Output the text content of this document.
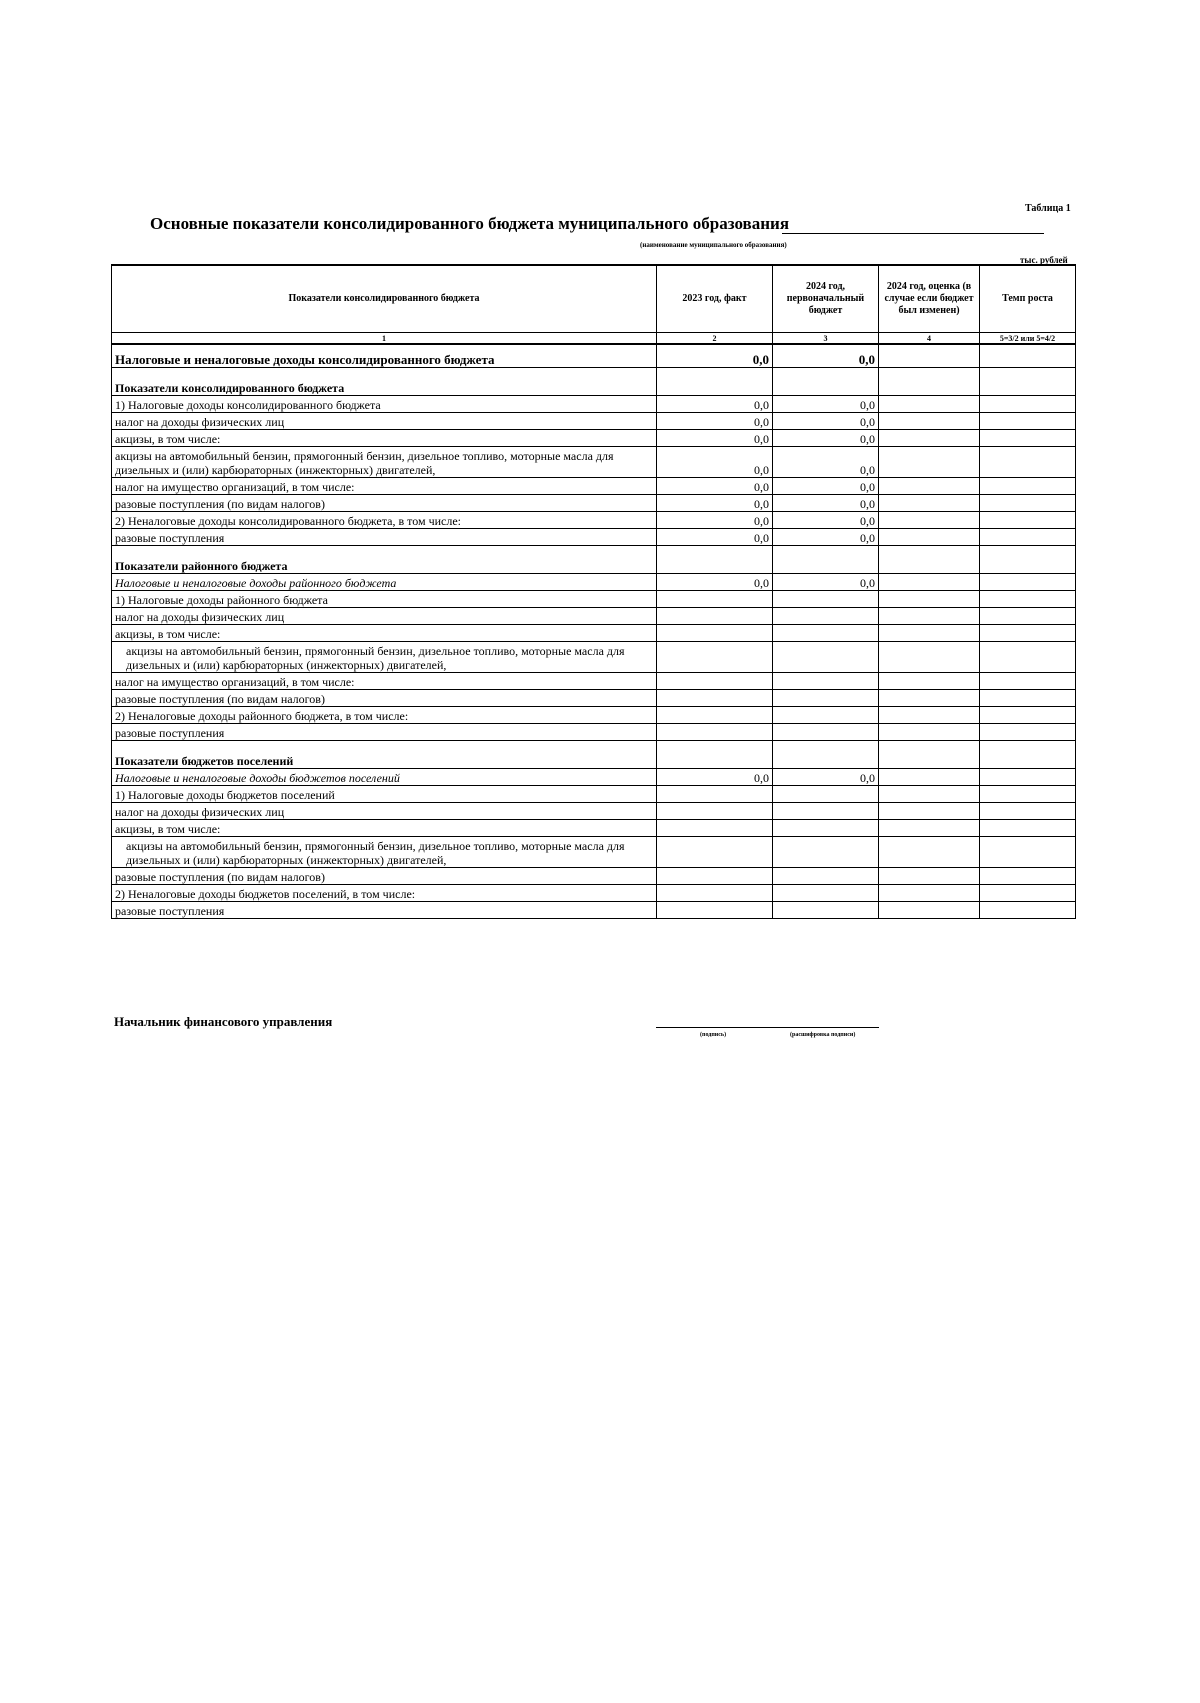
Таблица 1
Основные показатели консолидированного бюджета муниципального образования
(наименование муниципального образования)
тыс. рублей
Показатели консолидированного бюджета	2023 год, факт	2024 год, первоначальный бюджет	2024 год, оценка (в случае если бюджет был изменен)	Темп роста
1	2	3	4	5=3/2 или 5=4/2
Налоговые и неналоговые доходы консолидированного бюджета	0,0	0,0		
Показатели консолидированного бюджета				
1) Налоговые доходы консолидированного бюджета	0,0	0,0		
налог на доходы физических лиц	0,0	0,0		
акцизы, в том числе:	0,0	0,0		
акцизы на автомобильный бензин, прямогонный бензин, дизельное топливо, моторные масла для дизельных и (или) карбюраторных (инжекторных) двигателей,	0,0	0,0		
налог на имущество организаций, в том числе:	0,0	0,0		
разовые поступления (по видам налогов)	0,0	0,0		
2) Неналоговые доходы консолидированного бюджета, в том числе:	0,0	0,0		
разовые поступления	0,0	0,0		
Показатели районного бюджета				
Налоговые и неналоговые доходы районного бюджета	0,0	0,0		
1) Налоговые доходы районного бюджета				
налог на доходы физических лиц				
акцизы, в том числе:				
акцизы на автомобильный бензин, прямогонный бензин, дизельное топливо, моторные масла для дизельных и (или) карбюраторных (инжекторных) двигателей,				
налог на имущество организаций, в том числе:				
разовые поступления (по видам налогов)				
2) Неналоговые доходы районного бюджета, в том числе:				
разовые поступления				
Показатели бюджетов поселений				
Налоговые и неналоговые доходы бюджетов поселений	0,0	0,0		
1) Налоговые доходы бюджетов поселений				
налог на доходы физических лиц				
акцизы, в том числе:				
акцизы на автомобильный бензин, прямогонный бензин, дизельное топливо, моторные масла для дизельных и (или) карбюраторных (инжекторных) двигателей,				
разовые поступления (по видам налогов)				
2) Неналоговые доходы бюджетов поселений, в том числе:				
разовые поступления				
Начальник финансового управления
(подпись)	(расшифровка подписи)
